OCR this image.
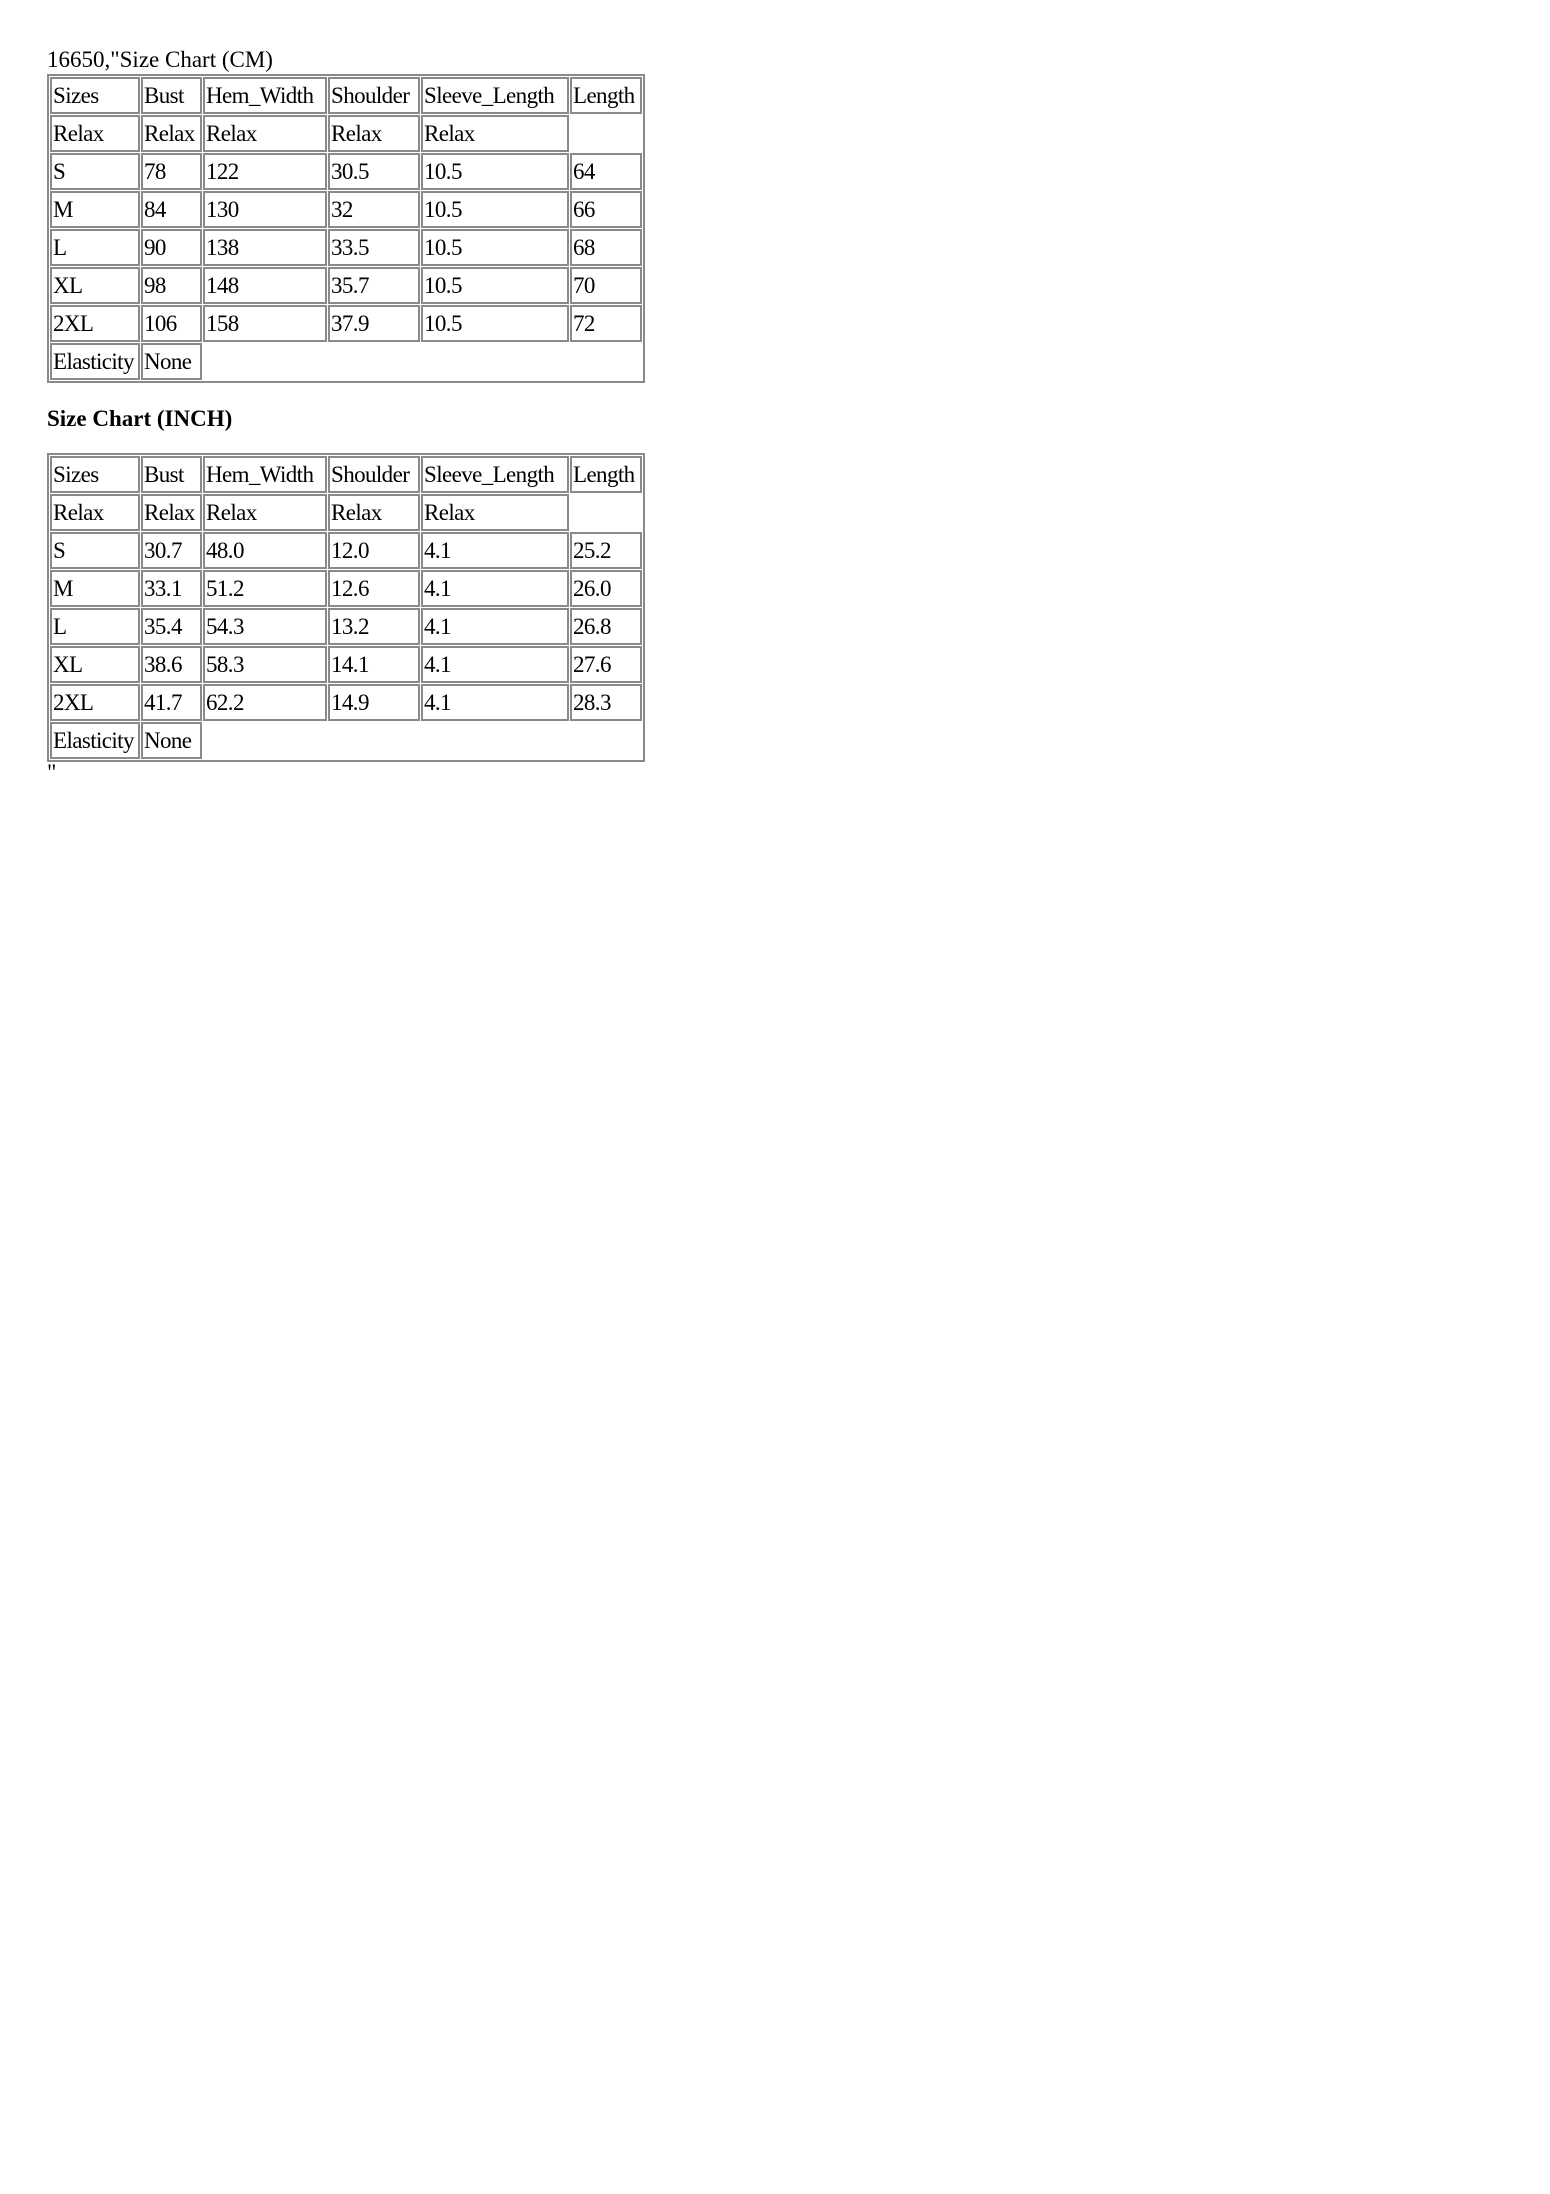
16650,"Size Chart (CM)
Sizes	Bust	Hem_Width	Shoulder	Sleeve_Length	Length
Relax	Relax	Relax	Relax	Relax	
S	78	122	30.5	10.5	64
M	84	130	32	10.5	66
L	90	138	33.5	10.5	68
XL	98	148	35.7	10.5	70
2XL	106	158	37.9	10.5	72
Elasticity	None				
Size Chart (INCH)
Sizes	Bust	Hem_Width	Shoulder	Sleeve_Length	Length
Relax	Relax	Relax	Relax	Relax	
S	30.7	48.0	12.0	4.1	25.2
M	33.1	51.2	12.6	4.1	26.0
L	35.4	54.3	13.2	4.1	26.8
XL	38.6	58.3	14.1	4.1	27.6
2XL	41.7	62.2	14.9	4.1	28.3
Elasticity	None				
"
